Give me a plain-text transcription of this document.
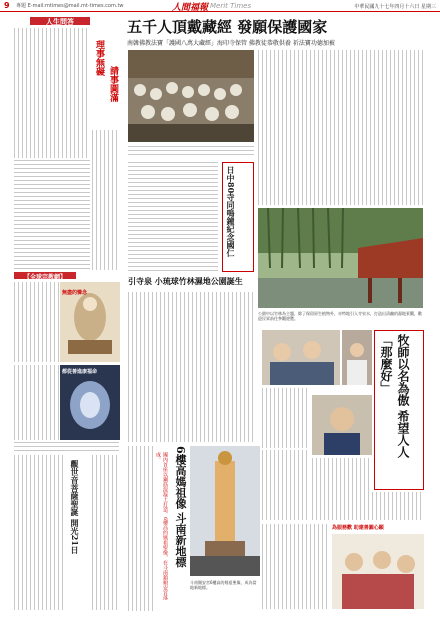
9 專題 E-mail:mtimes@mail.mt-times.com.tw	人間福報 Merit Times	中華民國九十七年四月十六日 星期三
人生問答
理事無礙
請事圓滿
【全球宗教網】
無盡的憐念
都從善進康福命
觀世音菩薩聖誕 開光21日
五千人頂戴藏經 發願保護國家
南韓佛教法寶「護國八萬大藏經」海印寺保管 佛教徒恭敬供養 祈法寶功德加被
日中80寺同鳴鐘紀念國仁
公園中以竹林為主題，除了保留原生植物外，亦特地引入寺泉水，打造出清幽的濕地景觀，歡迎民眾前往參觀遊覽。
引寺泉 小琉球竹林濕地公園誕生
牧師以名為傲 希望人人「那麼好」
為服務歡 助建善圓心願
6樓高媽祖像 斗南新地標
國內首座以鋼筋混凝土打造、6樓高的媽祖聖像，在斗南鎮順安宮落成。
斗南順安宮6樓高的媽祖聖像，成為當地新地標。
